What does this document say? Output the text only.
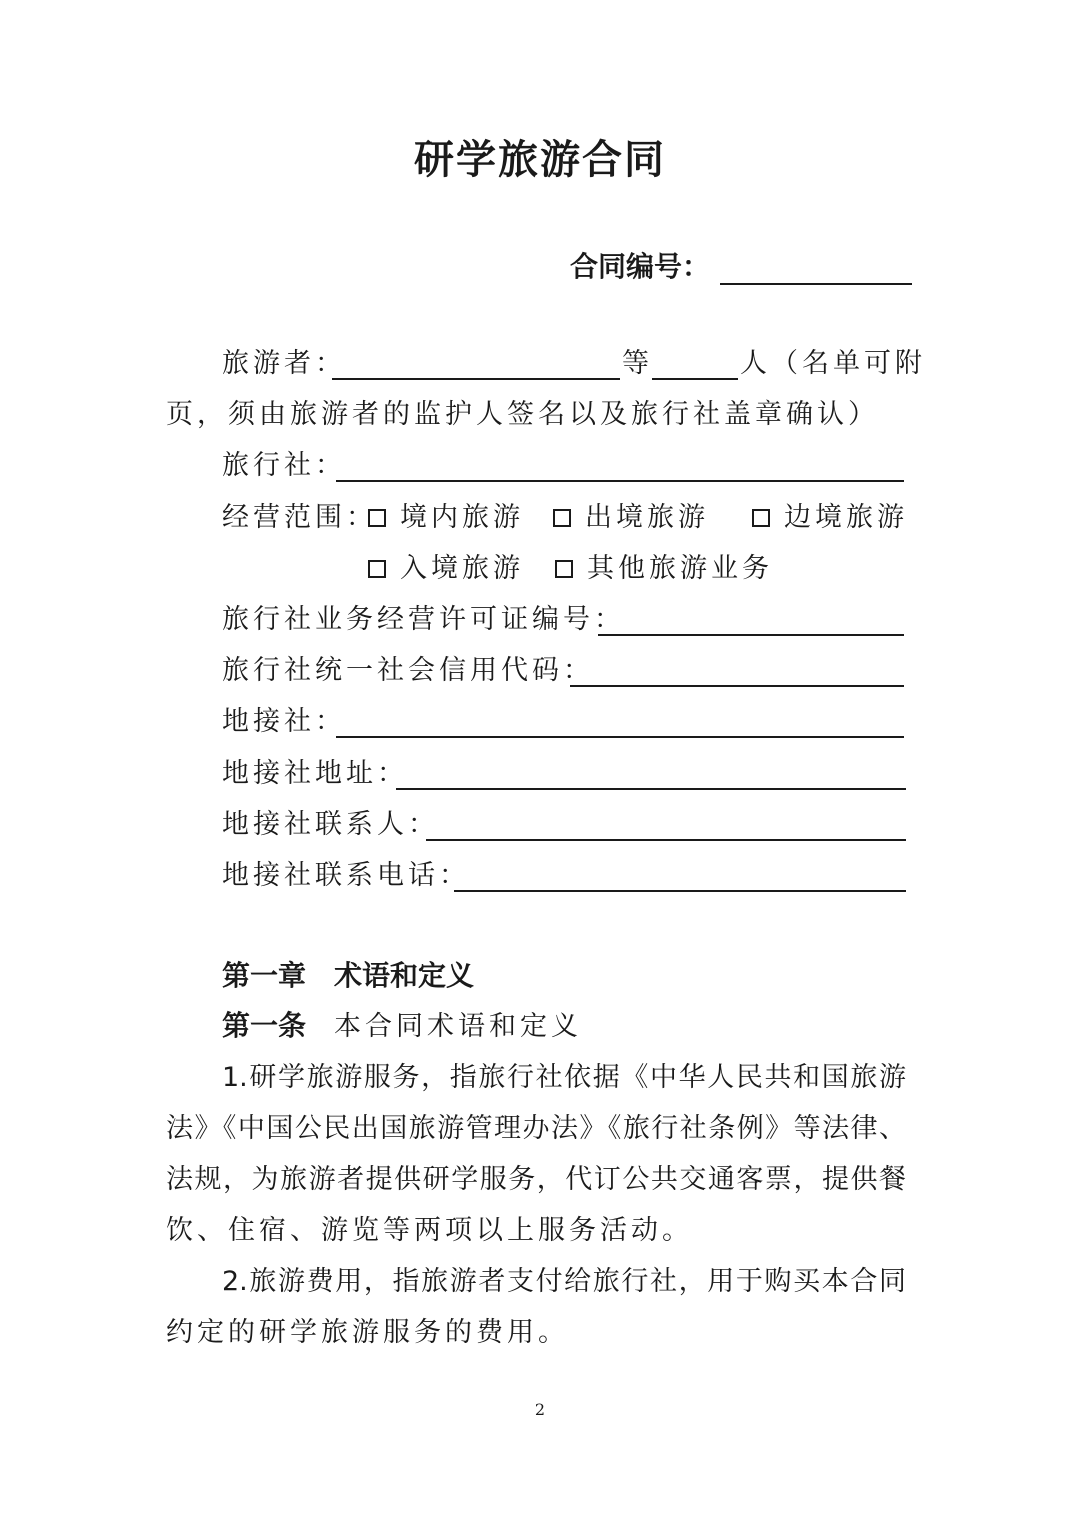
研学旅游合同
合同编号：
旅游者：	等	人（名单可附
页，须由旅游者的监护人签名以及旅行社盖章确认）
旅行社：
经营范围： 境内旅游	出境旅游	边境旅游
入境旅游	其他旅游业务
旅行社业务经营许可证编号：
旅行社统一社会信用代码：
地接社：
地接社地址：
地接社联系人：
地接社联系电话：
第一章　术语和定义
第一条 本合同术语和定义
1.研学旅游服务，指旅行社依据《中华人民共和国旅游
法》《中国公民出国旅游管理办法》《旅行社条例》等法律、
法规，为旅游者提供研学服务，代订公共交通客票，提供餐
饮、住宿、游览等两项以上服务活动。
2.旅游费用，指旅游者支付给旅行社，用于购买本合同
约定的研学旅游服务的费用。
2
